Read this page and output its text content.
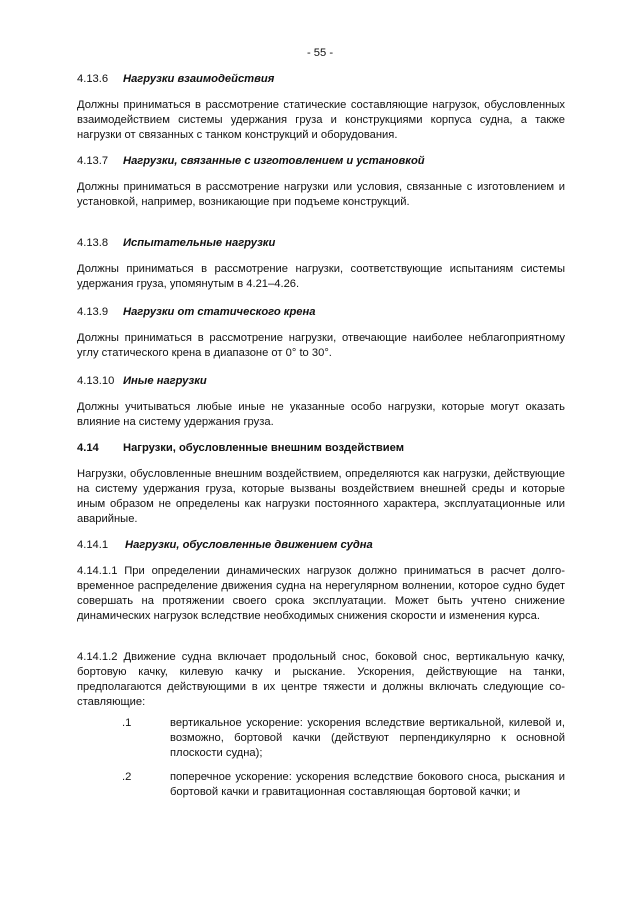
- 55 -
4.13.6 Нагрузки взаимодействия

Должны приниматься в рассмотрение статические составляющие нагрузок, обусловленных взаимодействием системы удержания груза и конструкциями корпуса судна, а также нагрузки от связанных с танком конструкций и оборудования.

4.13.7 Нагрузки, связанные с изготовлением и установкой

Должны приниматься в рассмотрение нагрузки или условия, связанные с изготовлением и установкой, например, возникающие при подъеме конструкций.

4.13.8 Испытательные нагрузки

Должны приниматься в рассмотрение нагрузки, соответствующие испытаниям системы удержания груза, упомянутым в 4.21–4.26.

4.13.9 Нагрузки от статического крена

Должны приниматься в рассмотрение нагрузки, отвечающие наиболее неблагоприятному углу статического крена в диапазоне от 0° to 30°.

4.13.10 Иные нагрузки

Должны учитываться любые иные не указанные особо нагрузки, которые могут оказать влияние на систему удержания груза.

4.14 Нагрузки, обусловленные внешним воздействием

Нагрузки, обусловленные внешним воздействием, определяются как нагрузки, действующие на систему удержания груза, которые вызваны воздействием внешней среды и которые иным образом не определены как нагрузки постоянного характера, эксплуатационные или аварийные.

4.14.1 Нагрузки, обусловленные движением судна

4.14.1.1 При определении динамических нагрузок должно приниматься в расчет долговременное распределение движения судна на нерегулярном волнении, которое судно будет совершать на протяжении своего срока эксплуатации. Может быть учтено снижение динамических нагрузок вследствие необходимых снижения скорости и изменения курса.

4.14.1.2 Движение судна включает продольный снос, боковой снос, вертикальную качку, бортовую качку, килевую качку и рыскание. Ускорения, действующие на танки, предполагаются действующими в их центре тяжести и должны включать следующие составляющие:

.1	вертикальное ускорение: ускорения вследствие вертикальной, килевой и, возможно, бортовой качки (действуют перпендикулярно к основной плоскости судна);
.2	поперечное ускорение: ускорения вследствие бокового сноса, рыскания и бортовой качки и гравитационная составляющая бортовой качки; и
